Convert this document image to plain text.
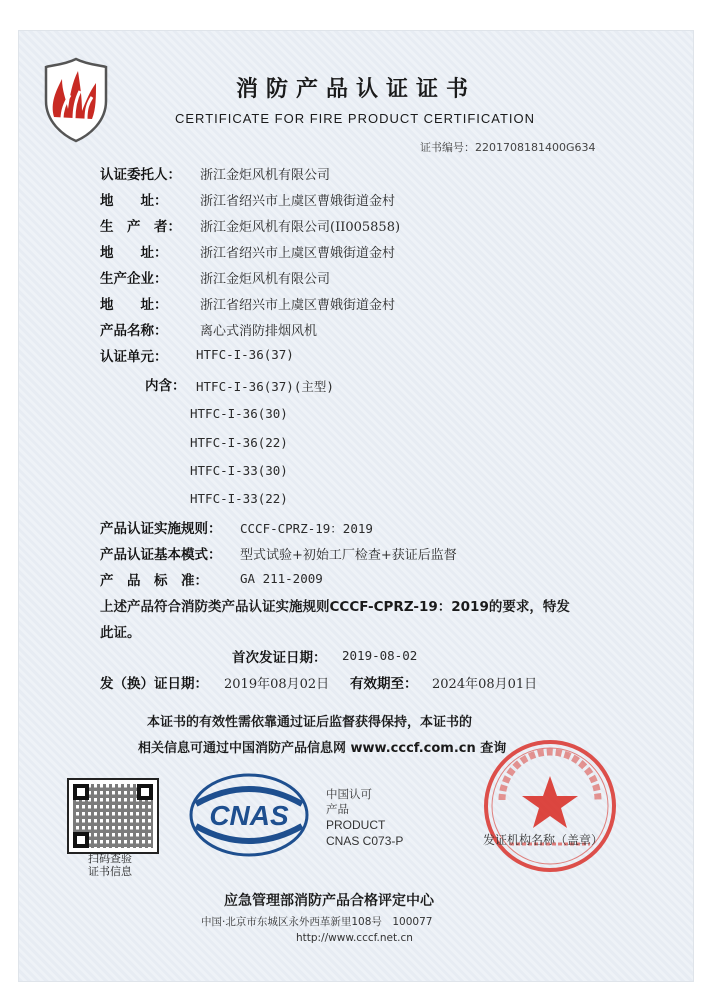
消防产品认证证书
CERTIFICATE FOR FIRE PRODUCT CERTIFICATION
证书编号：2201708181400G634
认证委托人： 浙江金炬风机有限公司
地　　址：	浙江省绍兴市上虞区曹娥街道金村
生　产　者： 浙江金炬风机有限公司(II005858)
地　　址：	浙江省绍兴市上虞区曹娥街道金村
生产企业：	浙江金炬风机有限公司
地　　址：	浙江省绍兴市上虞区曹娥街道金村
产品名称：	离心式消防排烟风机
认证单元： HTFC-I-36(37)
内含： HTFC-I-36(37)(主型)
HTFC-I-36(30)
HTFC-I-36(22)
HTFC-I-33(30)
HTFC-I-33(22)
产品认证实施规则： CCCF-CPRZ-19：2019
产品认证基本模式： 型式试验+初始工厂检查+获证后监督
产　品　标　准：	GA 211-2009
上述产品符合消防类产品认证实施规则CCCF-CPRZ-19：2019的要求，特发
此证。
首次发证日期： 2019-08-02
发（换）证日期： 2019年08月02日 有效期至： 2024年08月01日
本证书的有效性需依靠通过证后监督获得保持，本证书的
相关信息可通过中国消防产品信息网 www.cccf.com.cn 查询
扫码查验
证书信息
CNAS
中国认可
产品
PRODUCT
CNAS C073-P	发证机构名称（盖章）
应急管理部消防产品合格评定中心
中国·北京市东城区永外西革新里108号　100077
http://www.cccf.net.cn
